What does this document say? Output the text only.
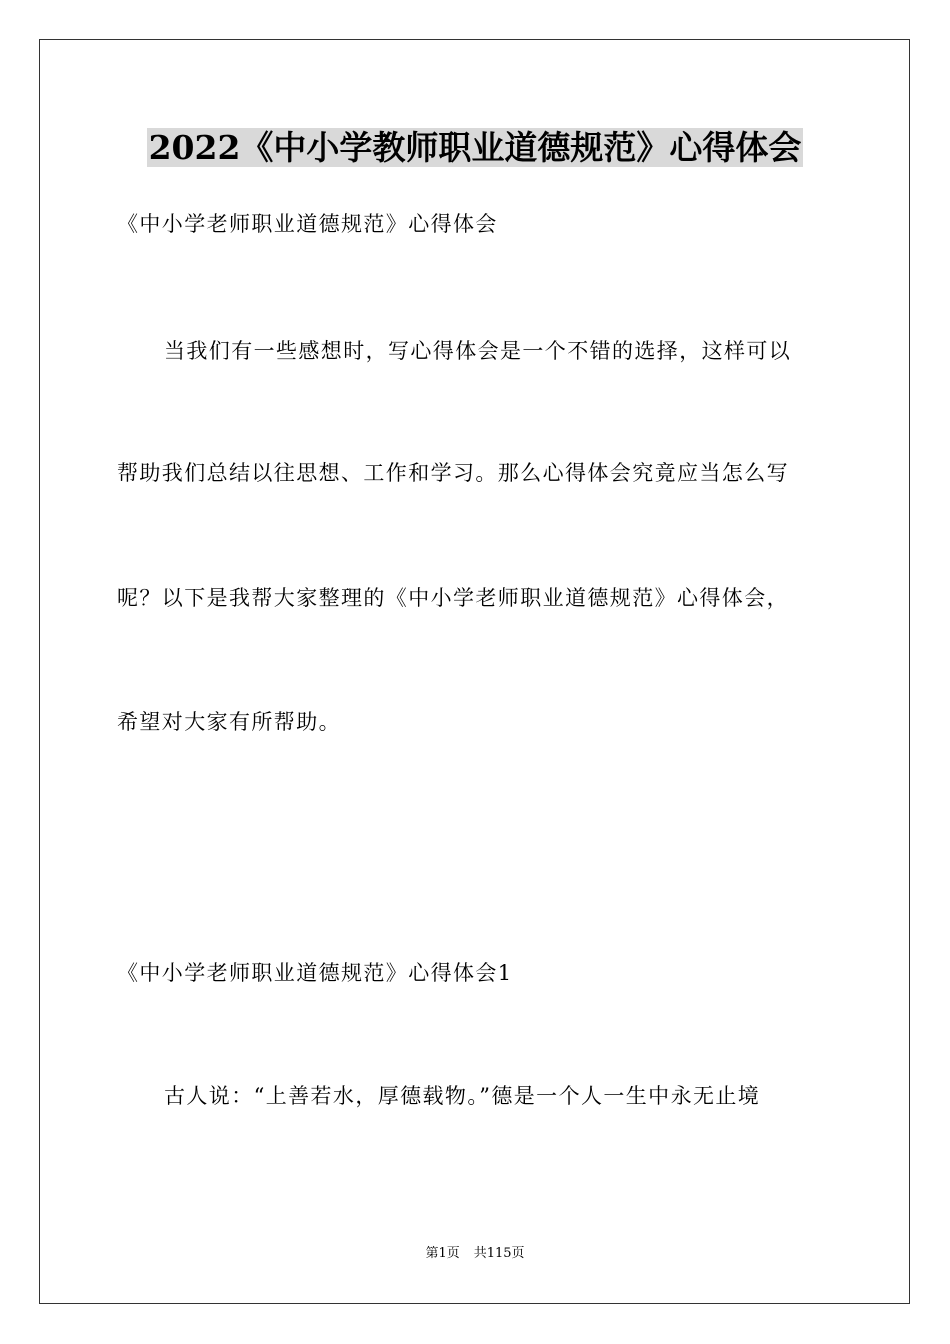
2022《中小学教师职业道德规范》心得体会
《中小学老师职业道德规范》心得体会
当我们有一些感想时，写心得体会是一个不错的选择，这样可以
帮助我们总结以往思想、工作和学习。那么心得体会究竟应当怎么写
呢？以下是我帮大家整理的《中小学老师职业道德规范》心得体会，
希望对大家有所帮助。
《中小学老师职业道德规范》心得体会1
古人说：“上善若水，厚德载物。”德是一个人一生中永无止境
第1页 共115页
